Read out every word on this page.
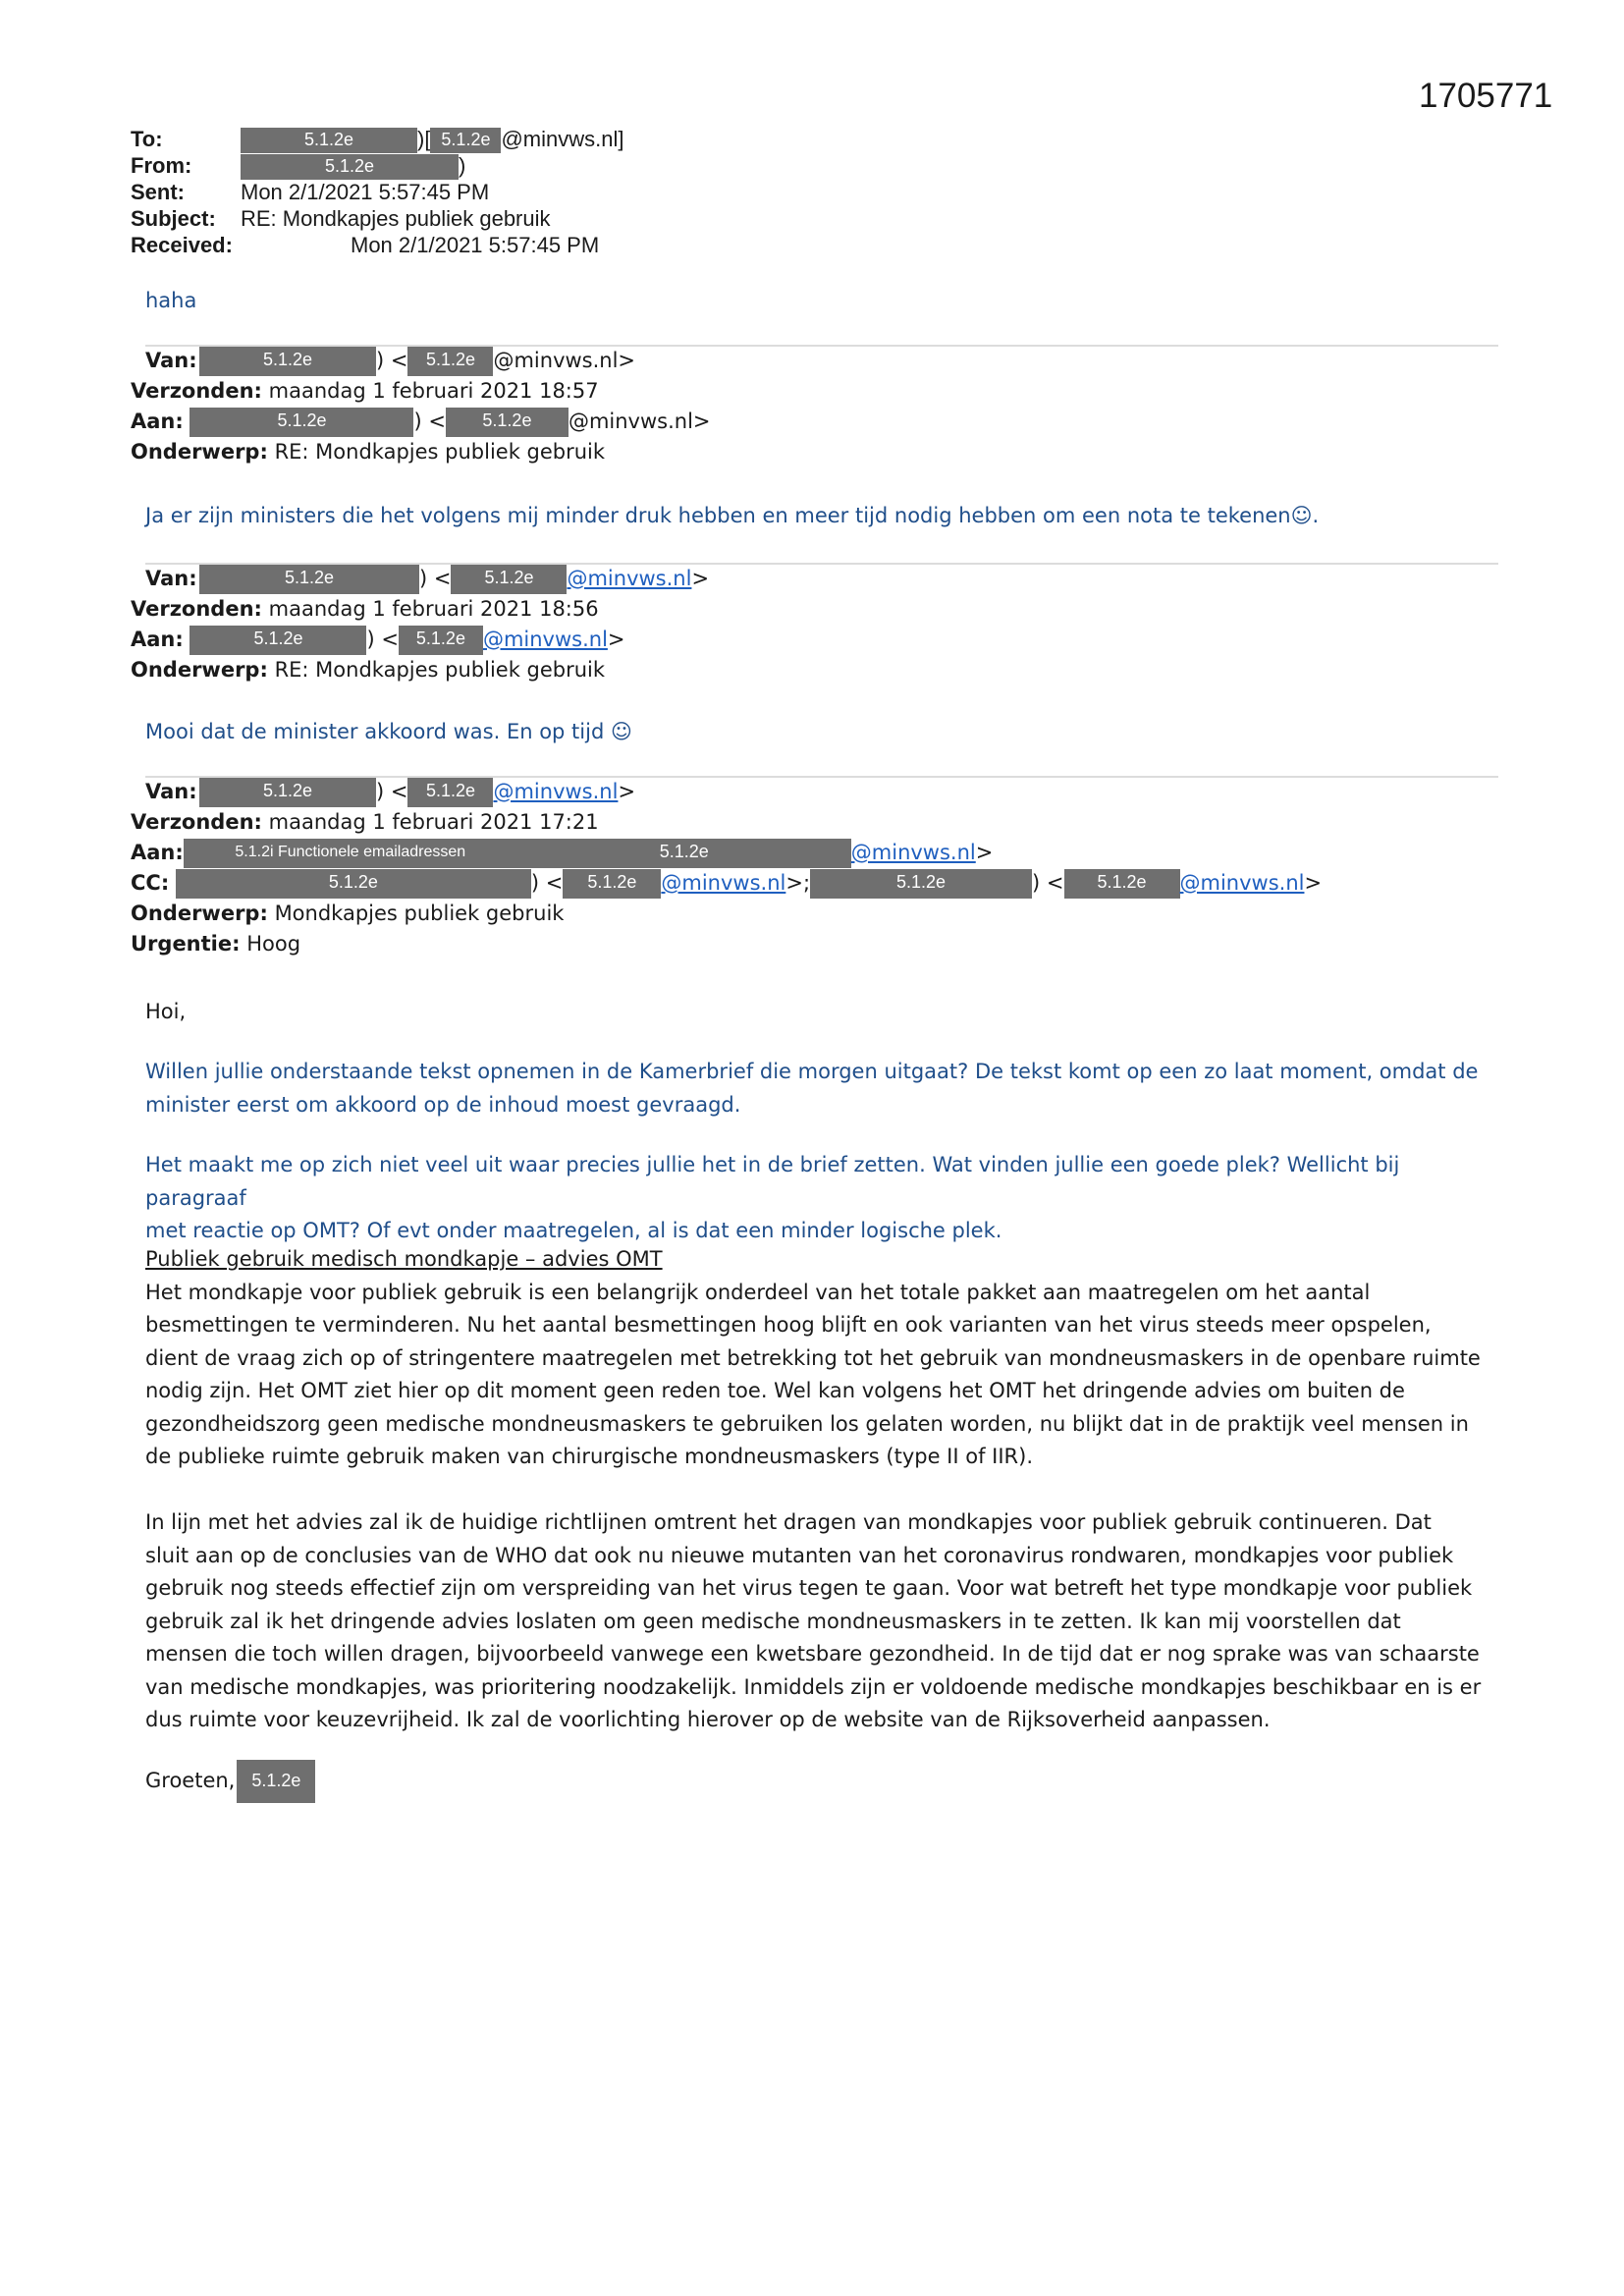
1705771
To:	5.1.2e	)[ 5.1.2e @minvws.nl]
From:	5.1.2e	)
Sent:	Mon 2/1/2021 5:57:45 PM
Subject: RE: Mondkapjes publiek gebruik
Received:	Mon 2/1/2021 5:57:45 PM
haha
Van:	5.1.2e	) < 5.1.2e @minvws.nl>
Verzonden: maandag 1 februari 2021 18:57
Aan:	5.1.2e	) < 5.1.2e @minvws.nl>
Onderwerp: RE: Mondkapjes publiek gebruik
Ja er zijn ministers die het volgens mij minder druk hebben en meer tijd nodig hebben om een nota te tekenen☺.
Van:	5.1.2e	) < 5.1.2e @minvws.nl>
Verzonden: maandag 1 februari 2021 18:56
Aan:	5.1.2e	) < 5.1.2e @minvws.nl>
Onderwerp: RE: Mondkapjes publiek gebruik
Mooi dat de minister akkoord was. En op tijd ☺
Van:	5.1.2e	) < 5.1.2e @minvws.nl>
Verzonden: maandag 1 februari 2021 17:21
Aan:	5.1.2i Functionele emailadressen	5.1.2e	@minvws.nl>
CC:	5.1.2e	) < 5.1.2e @minvws.nl>;	5.1.2e	) < 5.1.2e @minvws.nl>
Onderwerp: Mondkapjes publiek gebruik
Urgentie: Hoog
Hoi,

Willen jullie onderstaande tekst opnemen in de Kamerbrief die morgen uitgaat? De tekst komt op een zo laat moment, omdat de

minister eerst om akkoord op de inhoud moest gevraagd.

Het maakt me op zich niet veel uit waar precies jullie het in de brief zetten. Wat vinden jullie een goede plek? Wellicht bij paragraaf

met reactie op OMT? Of evt onder maatregelen, al is dat een minder logische plek.

Publiek gebruik medisch mondkapje – advies OMT

Het mondkapje voor publiek gebruik is een belangrijk onderdeel van het totale pakket aan maatregelen om het aantal

besmettingen te verminderen. Nu het aantal besmettingen hoog blijft en ook varianten van het virus steeds meer opspelen,

dient de vraag zich op of stringentere maatregelen met betrekking tot het gebruik van mondneusmaskers in de openbare ruimte

nodig zijn. Het OMT ziet hier op dit moment geen reden toe. Wel kan volgens het OMT het dringende advies om buiten de

gezondheidszorg geen medische mondneusmaskers te gebruiken los gelaten worden, nu blijkt dat in de praktijk veel mensen in

de publieke ruimte gebruik maken van chirurgische mondneusmaskers (type II of IIR).

In lijn met het advies zal ik de huidige richtlijnen omtrent het dragen van mondkapjes voor publiek gebruik continueren. Dat

sluit aan op de conclusies van de WHO dat ook nu nieuwe mutanten van het coronavirus rondwaren, mondkapjes voor publiek

gebruik nog steeds effectief zijn om verspreiding van het virus tegen te gaan. Voor wat betreft het type mondkapje voor publiek

gebruik zal ik het dringende advies loslaten om geen medische mondneusmaskers in te zetten. Ik kan mij voorstellen dat

mensen die toch willen dragen, bijvoorbeeld vanwege een kwetsbare gezondheid. In de tijd dat er nog sprake was van schaarste

van medische mondkapjes, was prioritering noodzakelijk. Inmiddels zijn er voldoende medische mondkapjes beschikbaar en is er

dus ruimte voor keuzevrijheid. Ik zal de voorlichting hierover op de website van de Rijksoverheid aanpassen.

Groeten, 5.1.2e
